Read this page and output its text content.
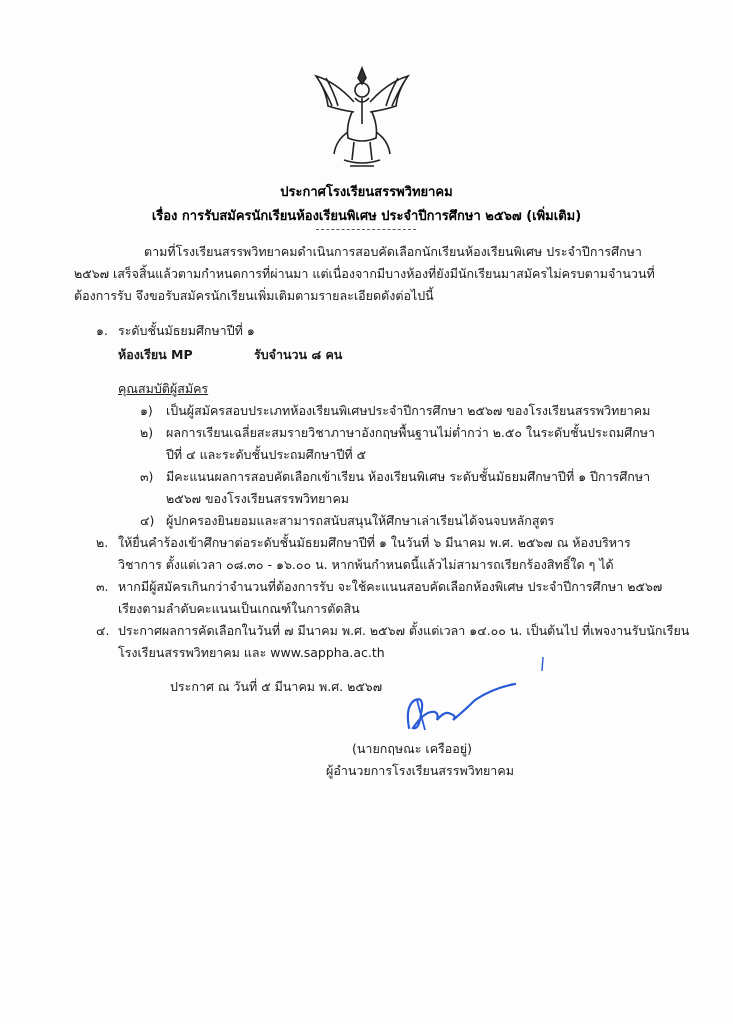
ประกาศโรงเรียนสรรพวิทยาคม
เรื่อง การรับสมัครนักเรียนห้องเรียนพิเศษ ประจำปีการศึกษา ๒๕๖๗ (เพิ่มเติม)

ตามที่โรงเรียนสรรพวิทยาคมดำเนินการสอบคัดเลือกนักเรียนห้องเรียนพิเศษ ประจำปีการศึกษา ๒๕๖๗ เสร็จสิ้นแล้วตามกำหนดการที่ผ่านมา แต่เนื่องจากมีบางห้องที่ยังมีนักเรียนมาสมัครไม่ครบตามจำนวนที่ต้องการรับ จึงขอรับสมัครนักเรียนเพิ่มเติมตามรายละเอียดดังต่อไปนี้

๑. ระดับชั้นมัธยมศึกษาปีที่ ๑
ห้องเรียน MP	รับจำนวน ๘ คน
คุณสมบัติผู้สมัคร
๑) เป็นผู้สมัครสอบประเภทห้องเรียนพิเศษประจำปีการศึกษา ๒๕๖๗ ของโรงเรียนสรรพวิทยาคม
๒) ผลการเรียนเฉลี่ยสะสมรายวิชาภาษาอังกฤษพื้นฐานไม่ต่ำกว่า ๒.๕๐ ในระดับชั้นประถมศึกษา
ปีที่ ๔ และระดับชั้นประถมศึกษาปีที่ ๕
๓) มีคะแนนผลการสอบคัดเลือกเข้าเรียน ห้องเรียนพิเศษ ระดับชั้นมัธยมศึกษาปีที่ ๑ ปีการศึกษา
๒๕๖๗ ของโรงเรียนสรรพวิทยาคม
๔) ผู้ปกครองยินยอมและสามารถสนับสนุนให้ศึกษาเล่าเรียนได้จนจบหลักสูตร
๒. ให้ยื่นคำร้องเข้าศึกษาต่อระดับชั้นมัธยมศึกษาปีที่ ๑ ในวันที่ ๖ มีนาคม พ.ศ. ๒๕๖๗ ณ ห้องบริหาร
วิชาการ ตั้งแต่เวลา ๐๘.๓๐ - ๑๖.๐๐ น. หากพ้นกำหนดนี้แล้วไม่สามารถเรียกร้องสิทธิ์ใด ๆ ได้
๓. หากมีผู้สมัครเกินกว่าจำนวนที่ต้องการรับ จะใช้คะแนนสอบคัดเลือกห้องพิเศษ ประจำปีการศึกษา ๒๕๖๗
เรียงตามลำดับคะแนนเป็นเกณฑ์ในการตัดสิน
๔. ประกาศผลการคัดเลือกในวันที่ ๗ มีนาคม พ.ศ. ๒๕๖๗ ตั้งแต่เวลา ๑๔.๐๐ น. เป็นต้นไป ที่เพจงานรับนักเรียน
โรงเรียนสรรพวิทยาคม และ www.sappha.ac.th
ประกาศ ณ วันที่ ๕ มีนาคม พ.ศ. ๒๕๖๗
(นายกฤษณะ เครืออยู่)
ผู้อำนวยการโรงเรียนสรรพวิทยาคม
